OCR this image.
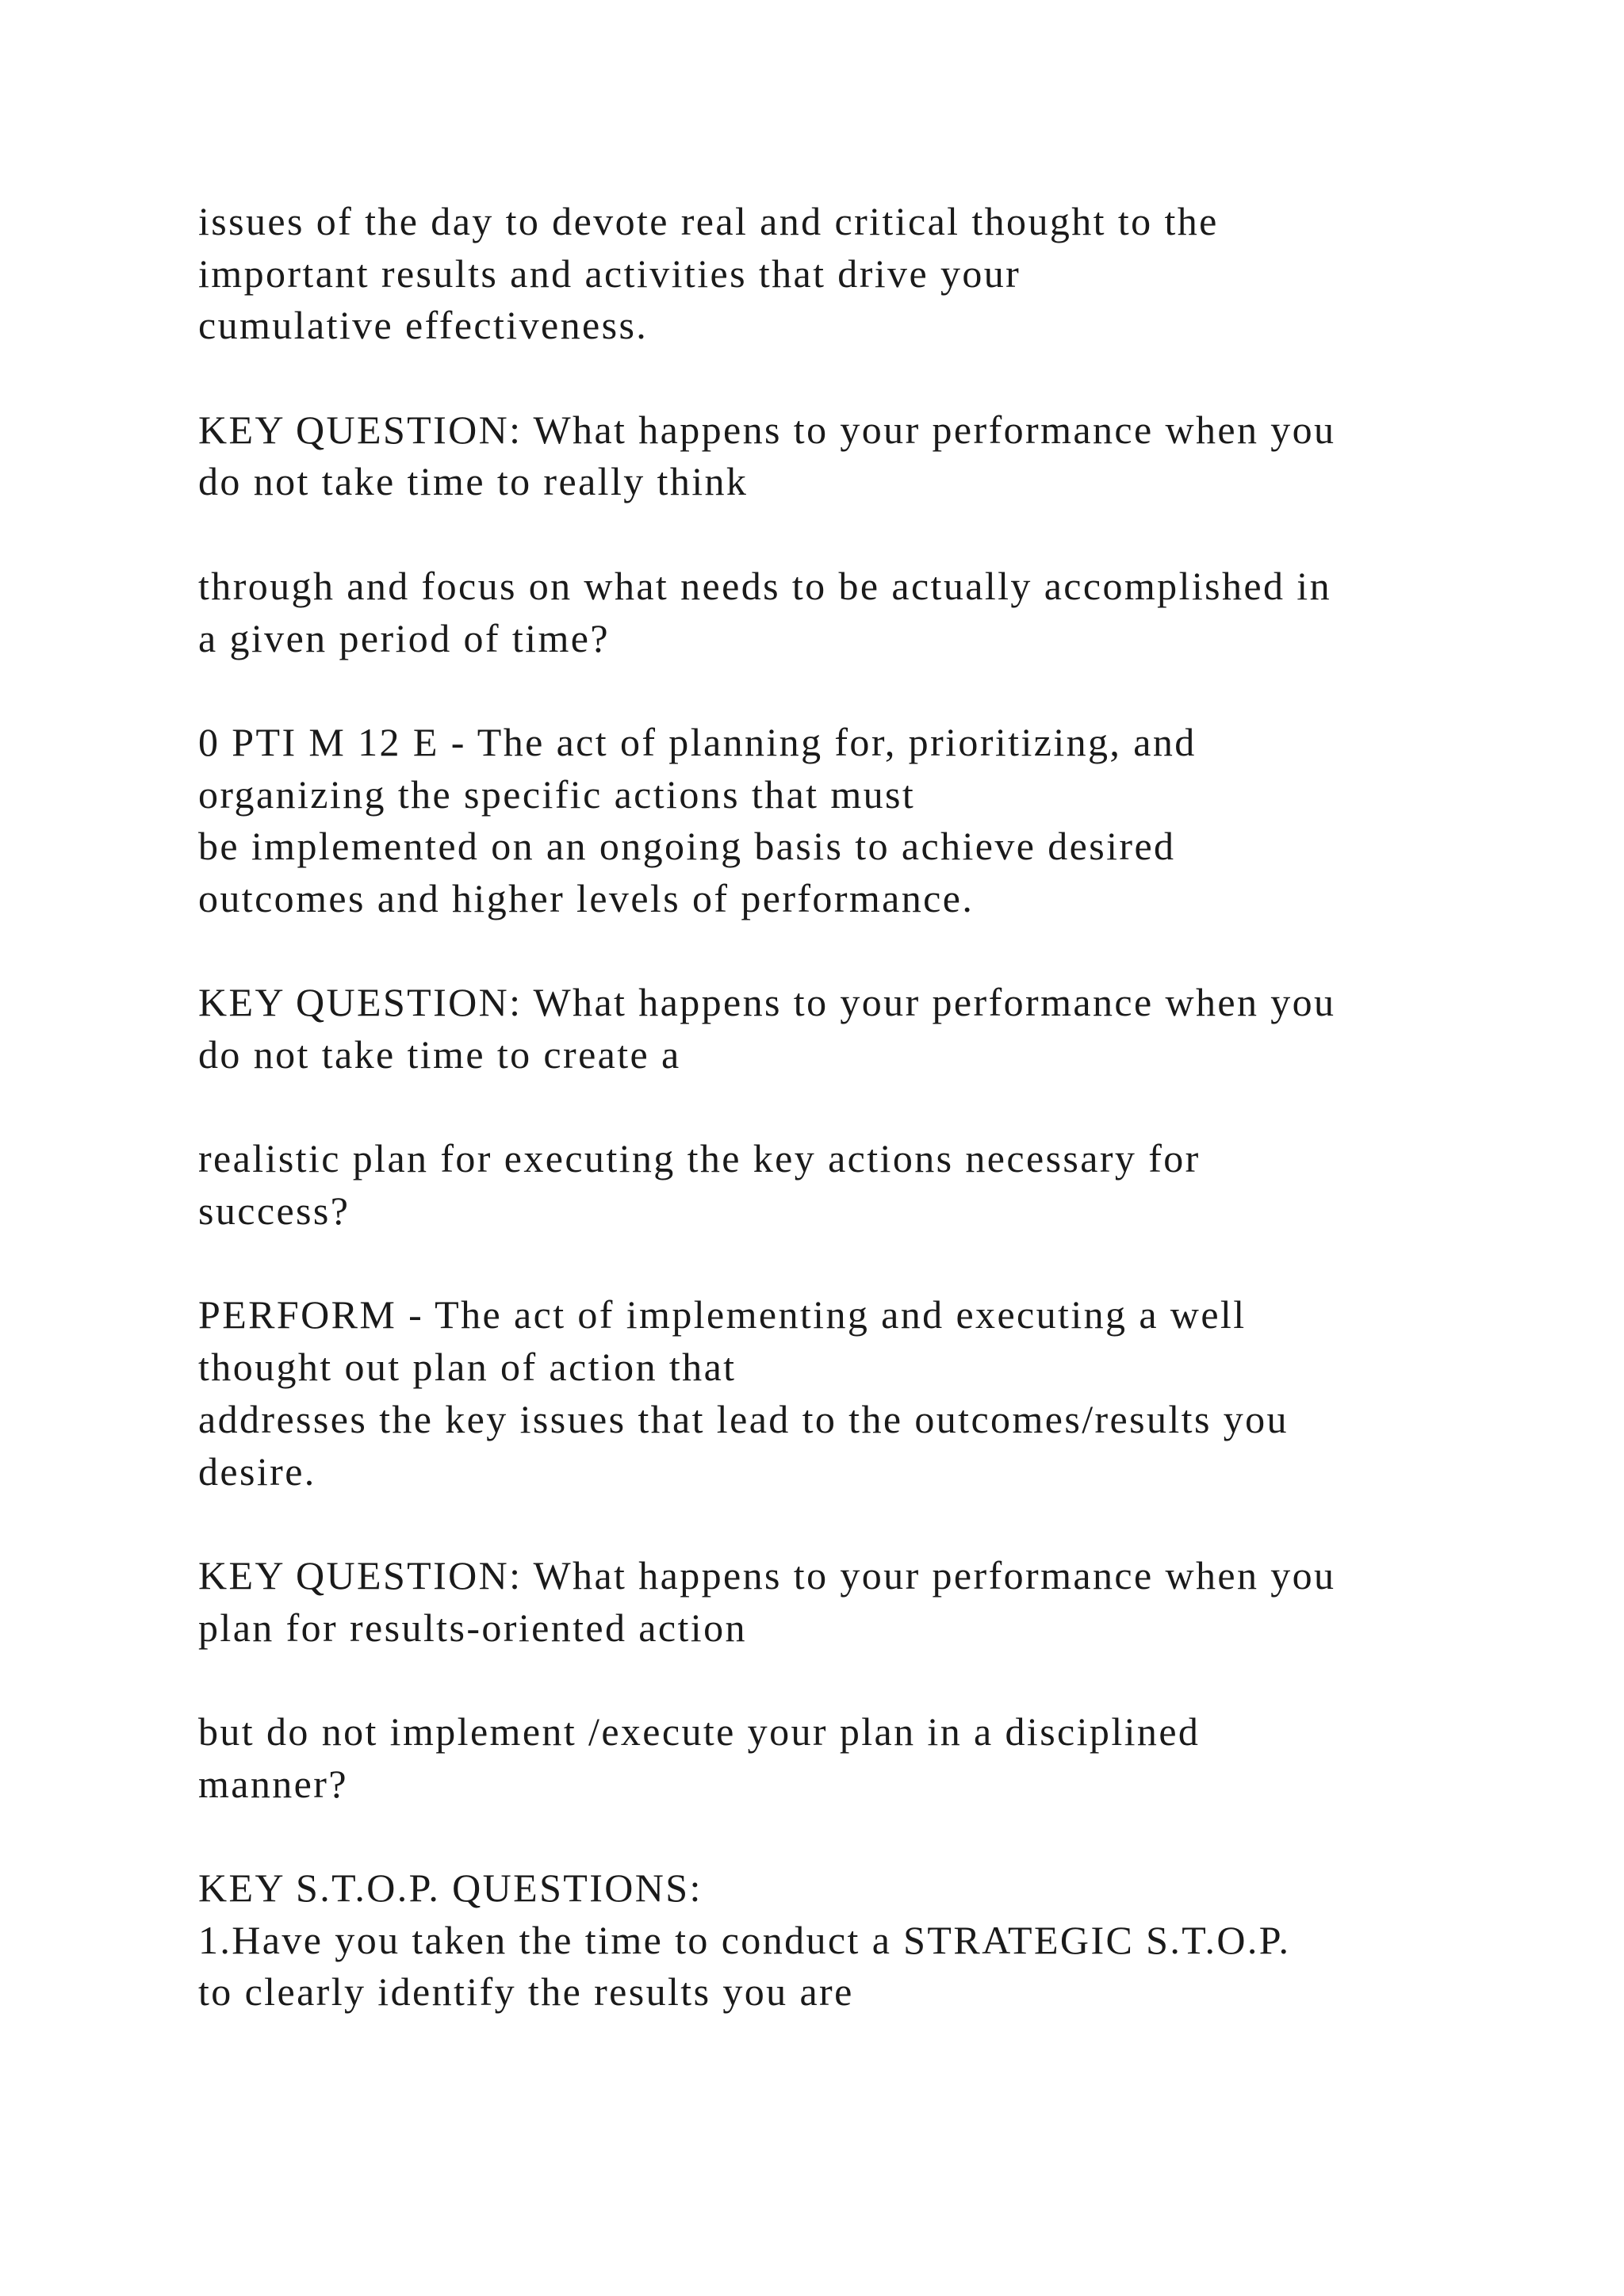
issues of the day to devote real and critical thought to the
important results and activities that drive your
cumulative effectiveness.
KEY QUESTION: What happens to your performance when you
do not take time to really think
through and focus on what needs to be actually accomplished in
a given period of time?
0 PTI M 12 E - The act of planning for, prioritizing, and
organizing the specific actions that must
be implemented on an ongoing basis to achieve desired
outcomes and higher levels of performance.
KEY QUESTION: What happens to your performance when you
do not take time to create a
realistic plan for executing the key actions necessary for
success?
PERFORM - The act of implementing and executing a well
thought out plan of action that
addresses the key issues that lead to the outcomes/results you
desire.
KEY QUESTION: What happens to your performance when you
plan for results-oriented action
but do not implement /execute your plan in a disciplined
manner?
KEY S.T.O.P. QUESTIONS:
1.Have you taken the time to conduct a STRATEGIC S.T.O.P.
to clearly identify the results you are
